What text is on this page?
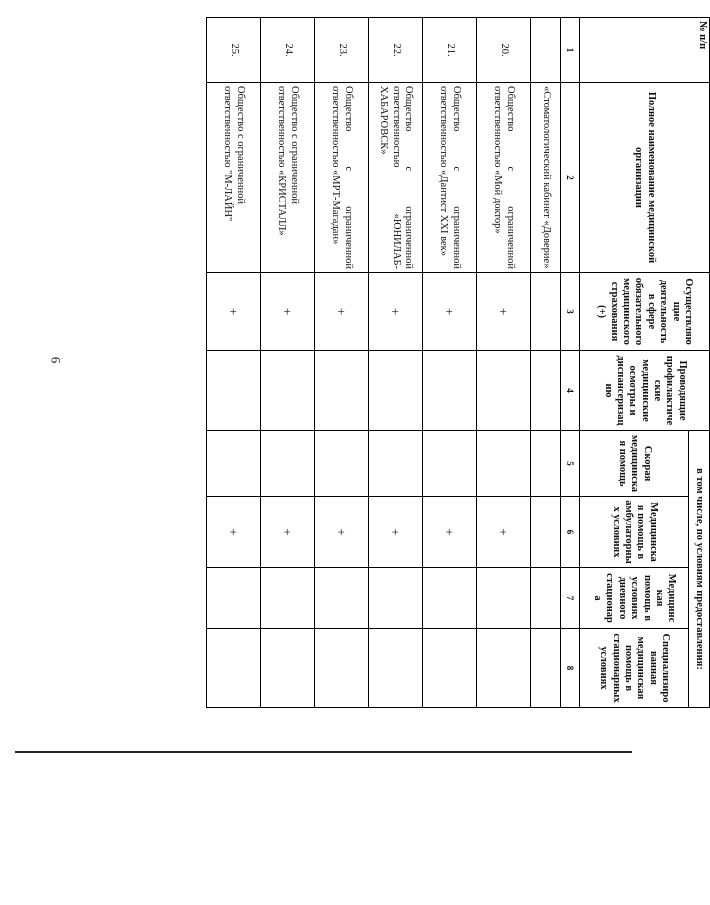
6
№ п/п	Полное наименование медицинской организации	Осуществляющие деятельность в сфере обязательного медицинского страхования (+)	Проводящие профилактические медицинские осмотры и диспансеризацию	в том числе, по условиям предоставления:			
				Скорая медицинская помощь	Медицинская помощь в амбулаторных условиях	Медицинская помощь в условиях дневного стационара	Специализированная медицинская помощь в стационарных условиях
1	2	3	4	5	6	7	8
	«Стоматологический кабинет «Доверие»						
20.	Общество с ограниченной ответственностью «Мой доктор»	+			+		
21.	Общество с ограниченной ответственностью «Дантист XXI век»	+			+		
22.	Общество с ограниченной ответственностью «ЮНИЛАБ-ХАБАРОВСК»	+			+		
23.	Общество с ограниченной ответственностью «МРТ-Магадан»	+			+		
24.	Общество с ограниченной ответственностью «КРИСТАЛЛ»	+			+		
25.	Общество с ограниченной ответственностью "М-ЛАЙН"	+			+		
